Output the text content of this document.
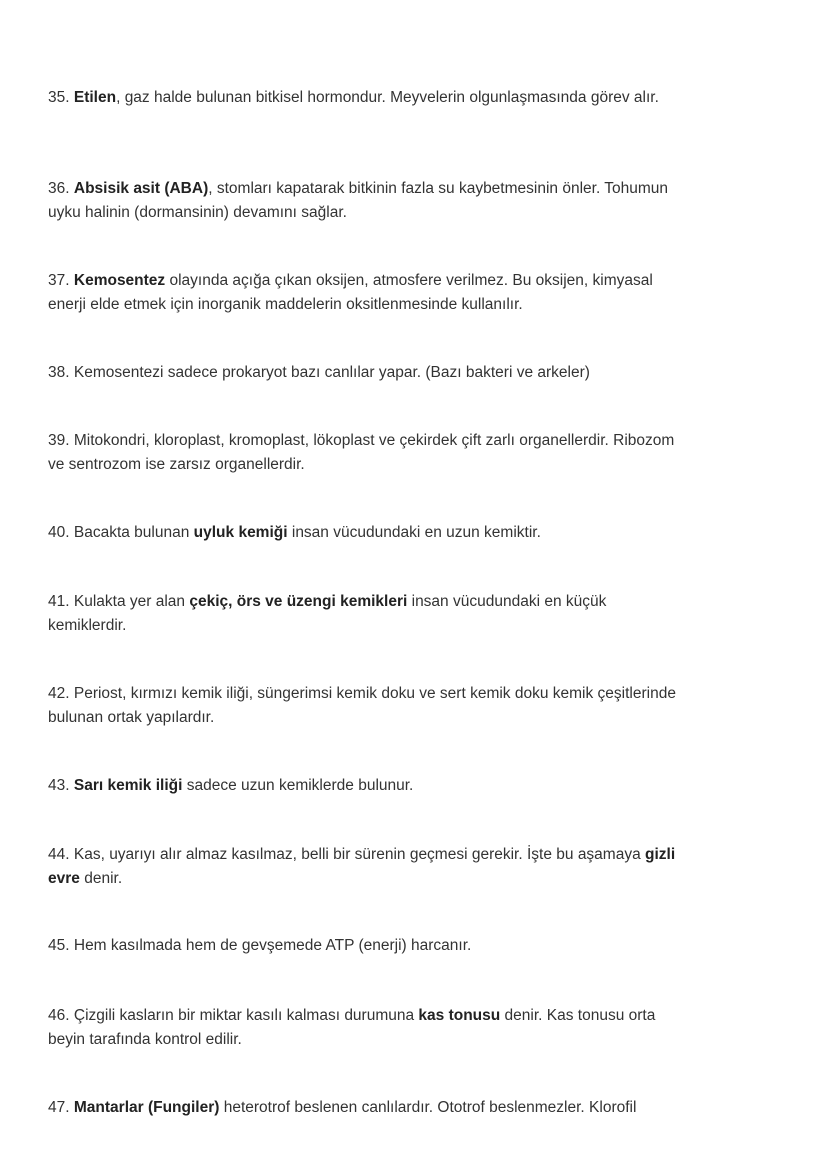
35. Etilen, gaz halde bulunan bitkisel hormondur. Meyvelerin olgunlaşmasında görev alır.

36. Absisik asit (ABA), stomları kapatarak bitkinin fazla su kaybetmesinin önler. Tohumun uyku halinin (dormansinin) devamını sağlar.

37. Kemosentez olayında açığa çıkan oksijen, atmosfere verilmez. Bu oksijen, kimyasal enerji elde etmek için inorganik maddelerin oksitlenmesinde kullanılır.

38. Kemosentezi sadece prokaryot bazı canlılar yapar. (Bazı bakteri ve arkeler)

39. Mitokondri, kloroplast, kromoplast, lökoplast ve çekirdek çift zarlı organellerdir. Ribozom ve sentrozom ise zarsız organellerdir.

40. Bacakta bulunan uyluk kemiği insan vücudundaki en uzun kemiktir.

41. Kulakta yer alan çekiç, örs ve üzengi kemikleri insan vücudundaki en küçük kemiklerdir.

42. Periost, kırmızı kemik iliği, süngerimsi kemik doku ve sert kemik doku kemik çeşitlerinde bulunan ortak yapılardır.

43. Sarı kemik iliği sadece uzun kemiklerde bulunur.

44. Kas, uyarıyı alır almaz kasılmaz, belli bir sürenin geçmesi gerekir. İşte bu aşamaya gizli evre denir.

45. Hem kasılmada hem de gevşemede ATP (enerji) harcanır.

46. Çizgili kasların bir miktar kasılı kalması durumuna kas tonusu denir. Kas tonusu orta beyin tarafında kontrol edilir.

47. Mantarlar (Fungiler) heterotrof beslenen canlılardır. Ototrof beslenmezler. Klorofil
